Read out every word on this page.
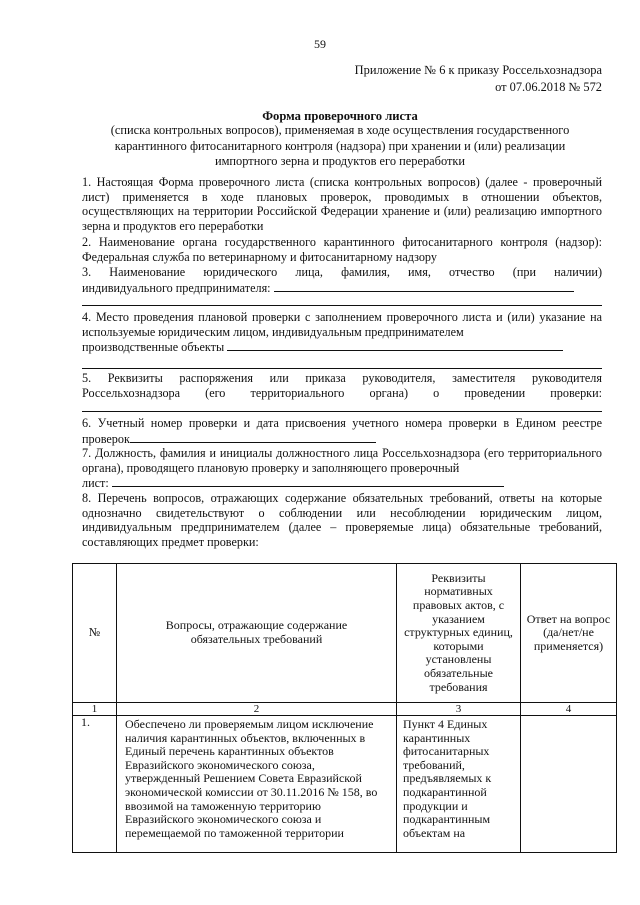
59
Приложение № 6 к приказу Россельхознадзора
от 07.06.2018 № 572
Форма проверочного листа
(списка контрольных вопросов), применяемая в ходе осуществления государственного
карантинного фитосанитарного контроля (надзора) при хранении и (или) реализации
импортного зерна и продуктов его переработки

1. Настоящая Форма проверочного листа (списка контрольных вопросов) (далее - проверочный лист) применяется в ходе плановых проверок, проводимых в отношении объектов, осуществляющих на территории Российской Федерации хранение и (или) реализацию импортного зерна и продуктов его переработки

2. Наименование органа государственного карантинного фитосанитарного контроля (надзор): Федеральная служба по ветеринарному и фитосанитарному надзору

3. Наименование юридического лица, фамилия, имя, отчество (при наличии)

индивидуального предпринимателя:

4. Место проведения плановой проверки с заполнением проверочного листа и (или) указание на используемые юридическим лицом, индивидуальным предпринимателем

производственные объекты

5. Реквизиты распоряжения или приказа руководителя, заместителя руководителя

Россельхознадзора (его территориального органа) о проведении проверки:

6. Учетный номер проверки и дата присвоения учетного номера проверки в Едином реестре

проверок

7. Должность, фамилия и инициалы должностного лица Россельхознадзора (его территориального органа), проводящего плановую проверку и заполняющего проверочный

лист:

8. Перечень вопросов, отражающих содержание обязательных требований, ответы на которые однозначно свидетельствуют о соблюдении или несоблюдении юридическим лицом, индивидуальным предпринимателем (далее – проверяемые лица) обязательные требований, составляющих предмет проверки:

№	Вопросы, отражающие содержание обязательных требований	Реквизиты нормативных правовых актов, с указанием структурных единиц, которыми установлены обязательные требования	Ответ на вопрос (да/нет/не применяется)
1	2	3	4
1.	Обеспечено ли проверяемым лицом исключение наличия карантинных объектов, включенных в Единый перечень карантинных объектов Евразийского экономического союза, утвержденный Решением Совета Евразийской экономической комиссии от 30.11.2016 № 158, во ввозимой на таможенную территорию Евразийского экономического союза и перемещаемой по таможенной территории	Пункт 4 Единых карантинных фитосанитарных требований, предъявляемых к подкарантинной продукции и подкарантинным объектам на	
